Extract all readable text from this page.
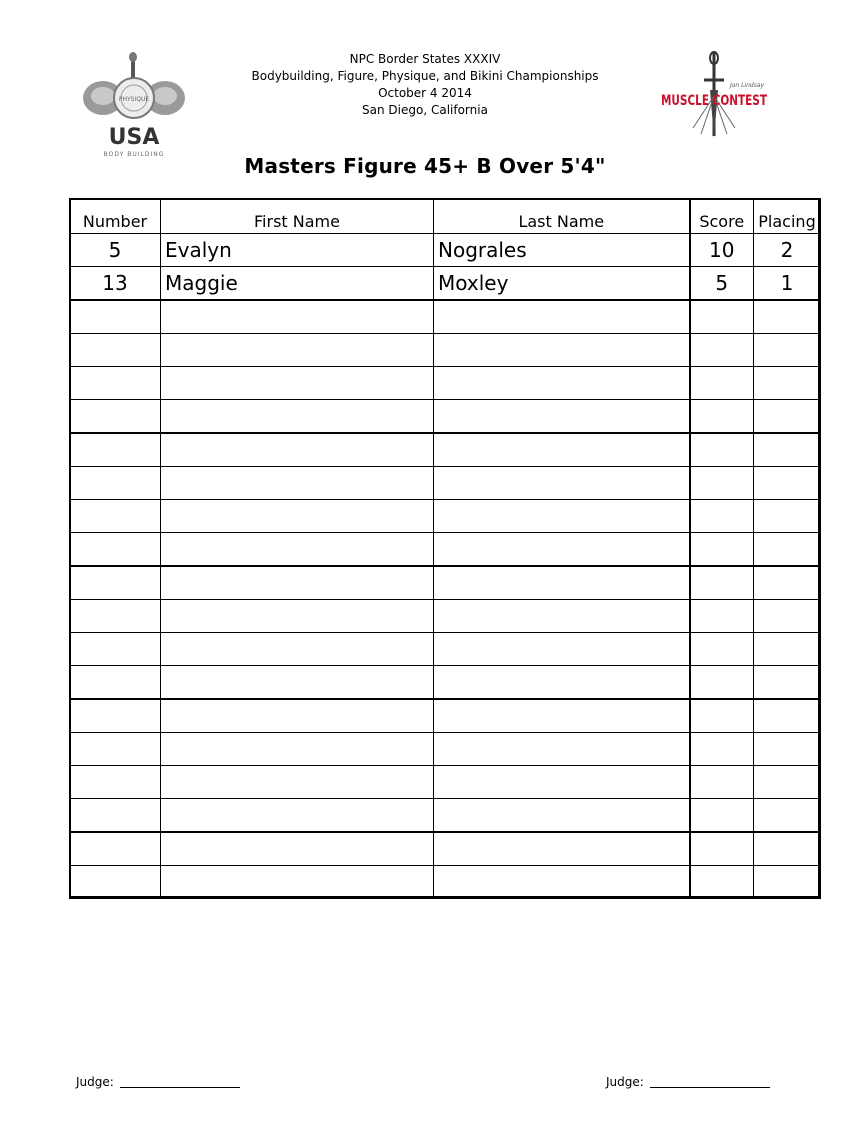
NPC Border States XXXIV
Bodybuilding, Figure, Physique, and Bikini Championships
October 4 2014
San Diego, California
PHYSIQUE
USA
BODY BUILDING
Jon Lindsay
MUSCLE CONTEST
Masters Figure 45+ B Over 5'4"
Number	First Name	Last Name	Score	Placing
5	Evalyn	Nograles	10	2
13	Maggie	Moxley	5	1

Judge:	Judge:
